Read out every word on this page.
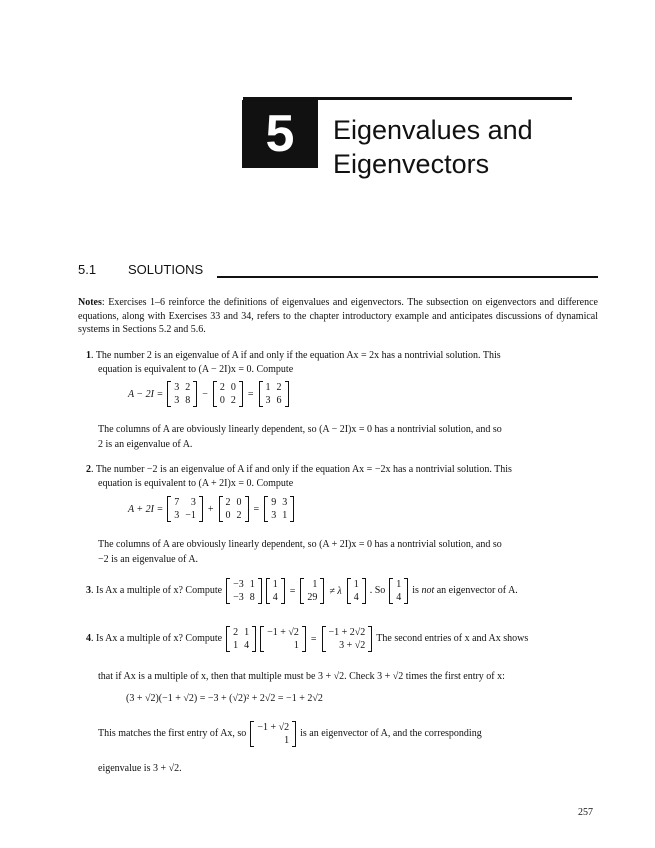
5	Eigenvalues and
Eigenvectors
5.1 SOLUTIONS
Notes: Exercises 1–6 reinforce the definitions of eigenvalues and eigenvectors. The subsection on eigenvectors and difference equations, along with Exercises 33 and 34, refers to the chapter introductory example and anticipates discussions of dynamical systems in Sections 5.2 and 5.6.
1. The number 2 is an eigenvalue of A if and only if the equation Ax = 2x has a nontrivial solution. This
equation is equivalent to (A − 2I)x = 0. Compute
A − 2I =
3	2
3	8
−
2	0
0	2
=
1	2
3	6
The columns of A are obviously linearly dependent, so (A − 2I)x = 0 has a nontrivial solution, and so
2 is an eigenvalue of A.
2. The number −2 is an eigenvalue of A if and only if the equation Ax = −2x has a nontrivial solution. This
equation is equivalent to (A + 2I)x = 0. Compute
A + 2I =
7	3
3	−1
+
2	0
0	2
=
9	3
3	1
The columns of A are obviously linearly dependent, so (A + 2I)x = 0 has a nontrivial solution, and so
−2 is an eigenvalue of A.
3. Is Ax a multiple of x? Compute
−3	1
−3	8
1
4
=
1
29
≠ λ
1
4
. So
1
4
is not an eigenvector of A.
4. Is Ax a multiple of x? Compute
2	1
1	4
−1 + √2
1
=
−1 + 2√2
3 + √2
The second entries of x and Ax shows
that if Ax is a multiple of x, then that multiple must be 3 + √2. Check 3 + √2 times the first entry of x:
(3 + √2)(−1 + √2) = −3 + (√2)² + 2√2 = −1 + 2√2
This matches the first entry of Ax, so
−1 + √2
1
is an eigenvector of A, and the corresponding
eigenvalue is 3 + √2.
257
